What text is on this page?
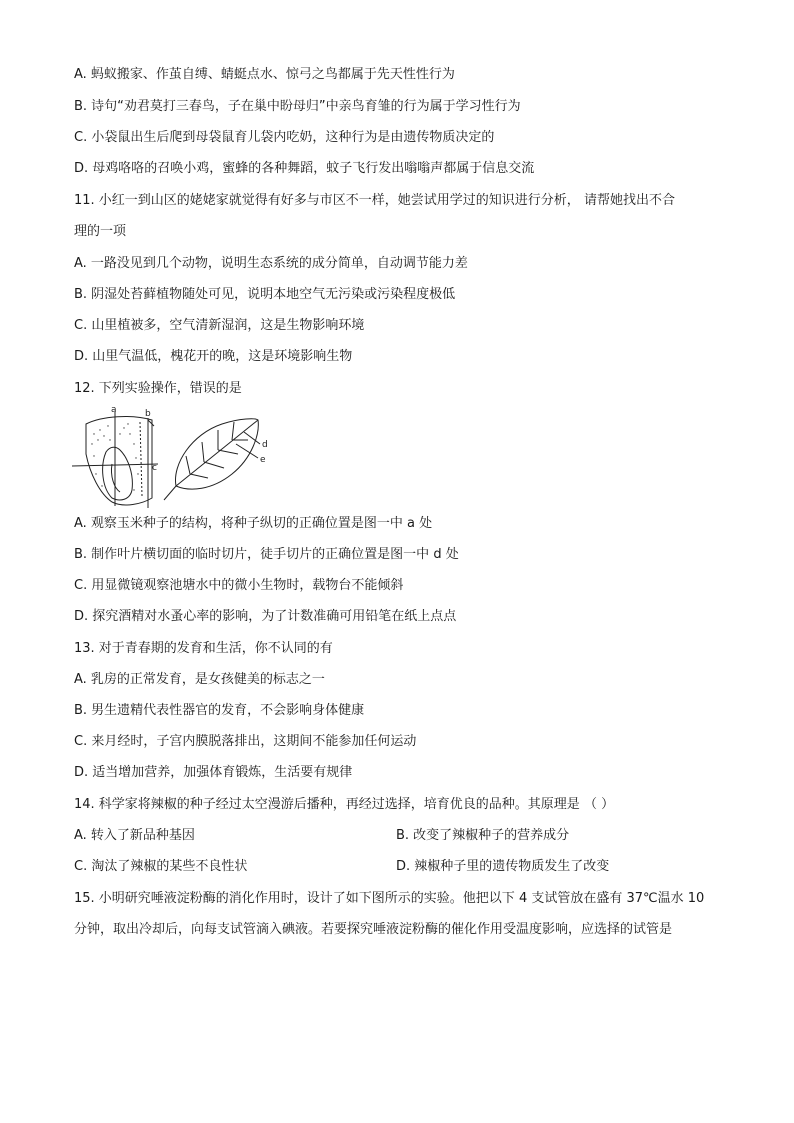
A. 蚂蚁搬家、作茧自缚、蜻蜓点水、惊弓之鸟都属于先天性性行为
B. 诗句“劝君莫打三春鸟，子在巢中盼母归”中亲鸟育雏的行为属于学习性行为
C. 小袋鼠出生后爬到母袋鼠育儿袋内吃奶，这种行为是由遗传物质决定的
D. 母鸡咯咯的召唤小鸡，蜜蜂的各种舞蹈，蚊子飞行发出嗡嗡声都属于信息交流
11. 小红一到山区的姥姥家就觉得有好多与市区不一样，她尝试用学过的知识进行分析， 请帮她找出不合
理的一项
A. 一路没见到几个动物，说明生态系统的成分简单，自动调节能力差
B. 阴湿处苔藓植物随处可见，说明本地空气无污染或污染程度极低
C. 山里植被多，空气清新湿润，这是生物影响环境
D. 山里气温低，槐花开的晚，这是环境影响生物
12. 下列实验操作，错误的是
a	b
c
d
e
A. 观察玉米种子的结构，将种子纵切的正确位置是图一中 a 处
B. 制作叶片横切面的临时切片，徒手切片的正确位置是图一中 d 处
C. 用显微镜观察池塘水中的微小生物时，载物台不能倾斜
D. 探究酒精对水蚤心率的影响，为了计数准确可用铅笔在纸上点点
13. 对于青春期的发育和生活，你不认同的有
A. 乳房的正常发育，是女孩健美的标志之一
B. 男生遗精代表性器官的发育，不会影响身体健康
C. 来月经时，子宫内膜脱落排出，这期间不能参加任何运动
D. 适当增加营养，加强体育锻炼，生活要有规律
14. 科学家将辣椒的种子经过太空漫游后播种，再经过选择，培育优良的品种。其原理是 （ ）
A. 转入了新品种基因	B. 改变了辣椒种子的营养成分
C. 淘汰了辣椒的某些不良性状	D. 辣椒种子里的遗传物质发生了改变
15. 小明研究唾液淀粉酶的消化作用时，设计了如下图所示的实验。他把以下 4 支试管放在盛有 37℃温水 10
分钟，取出冷却后，向每支试管滴入碘液。若要探究唾液淀粉酶的催化作用受温度影响，应选择的试管是
